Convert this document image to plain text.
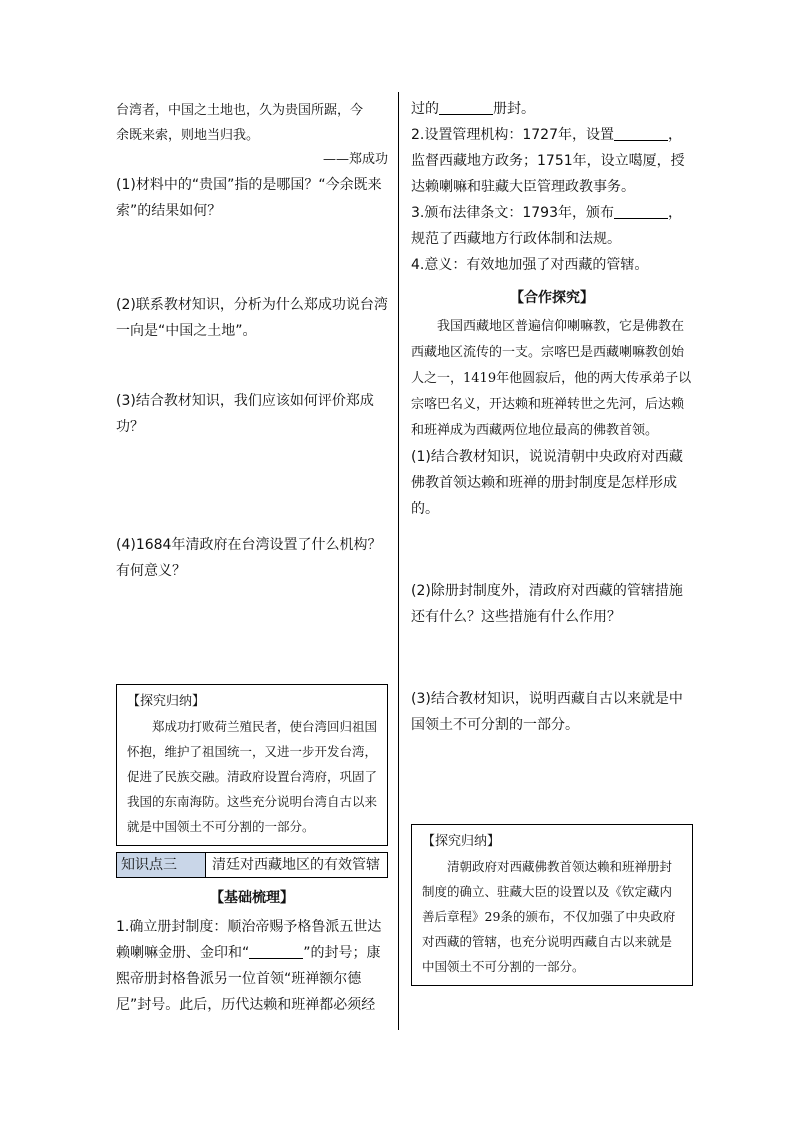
台湾者，中国之土地也，久为贵国所踞，今

余既来索，则地当归我。

——郑成功

(1)材料中的“贵国”指的是哪国？“今余既来索”的结果如何？

(2)联系教材知识，分析为什么郑成功说台湾一向是“中国之土地”。

(3)结合教材知识，我们应该如何评价郑成功？

(4)1684年清政府在台湾设置了什么机构？有何意义？

【探究归纳】
郑成功打败荷兰殖民者，使台湾回归祖国怀抱，维护了祖国统一，又进一步开发台湾，促进了民族交融。清政府设置台湾府，巩固了我国的东南海防。这些充分说明台湾自古以来就是中国领土不可分割的一部分。
知识点三	清廷对西藏地区的有效管辖
【基础梳理】

1.确立册封制度：顺治帝赐予格鲁派五世达赖喇嘛金册、金印和“	”的封号；康熙帝册封格鲁派另一位首领“班禅额尔德尼”封号。此后，历代达赖和班禅都必须经

过的	册封。

2.设置管理机构：1727年，设置	，监督西藏地方政务；1751年，设立噶厦，授达赖喇嘛和驻藏大臣管理政教事务。

3.颁布法律条文：1793年，颁布	，规范了西藏地方行政体制和法规。

4.意义：有效地加强了对西藏的管辖。

【合作探究】
我国西藏地区普遍信仰喇嘛教，它是佛教在西藏地区流传的一支。宗喀巴是西藏喇嘛教创始人之一，1419年他圆寂后，他的两大传承弟子以宗喀巴名义，开达赖和班禅转世之先河，后达赖和班禅成为西藏两位地位最高的佛教首领。

(1)结合教材知识，说说清朝中央政府对西藏佛教首领达赖和班禅的册封制度是怎样形成的。

(2)除册封制度外，清政府对西藏的管辖措施还有什么？这些措施有什么作用？

(3)结合教材知识，说明西藏自古以来就是中国领土不可分割的一部分。

【探究归纳】
清朝政府对西藏佛教首领达赖和班禅册封制度的确立、驻藏大臣的设置以及《钦定藏内善后章程》29条的颁布，不仅加强了中央政府对西藏的管辖，也充分说明西藏自古以来就是中国领土不可分割的一部分。
